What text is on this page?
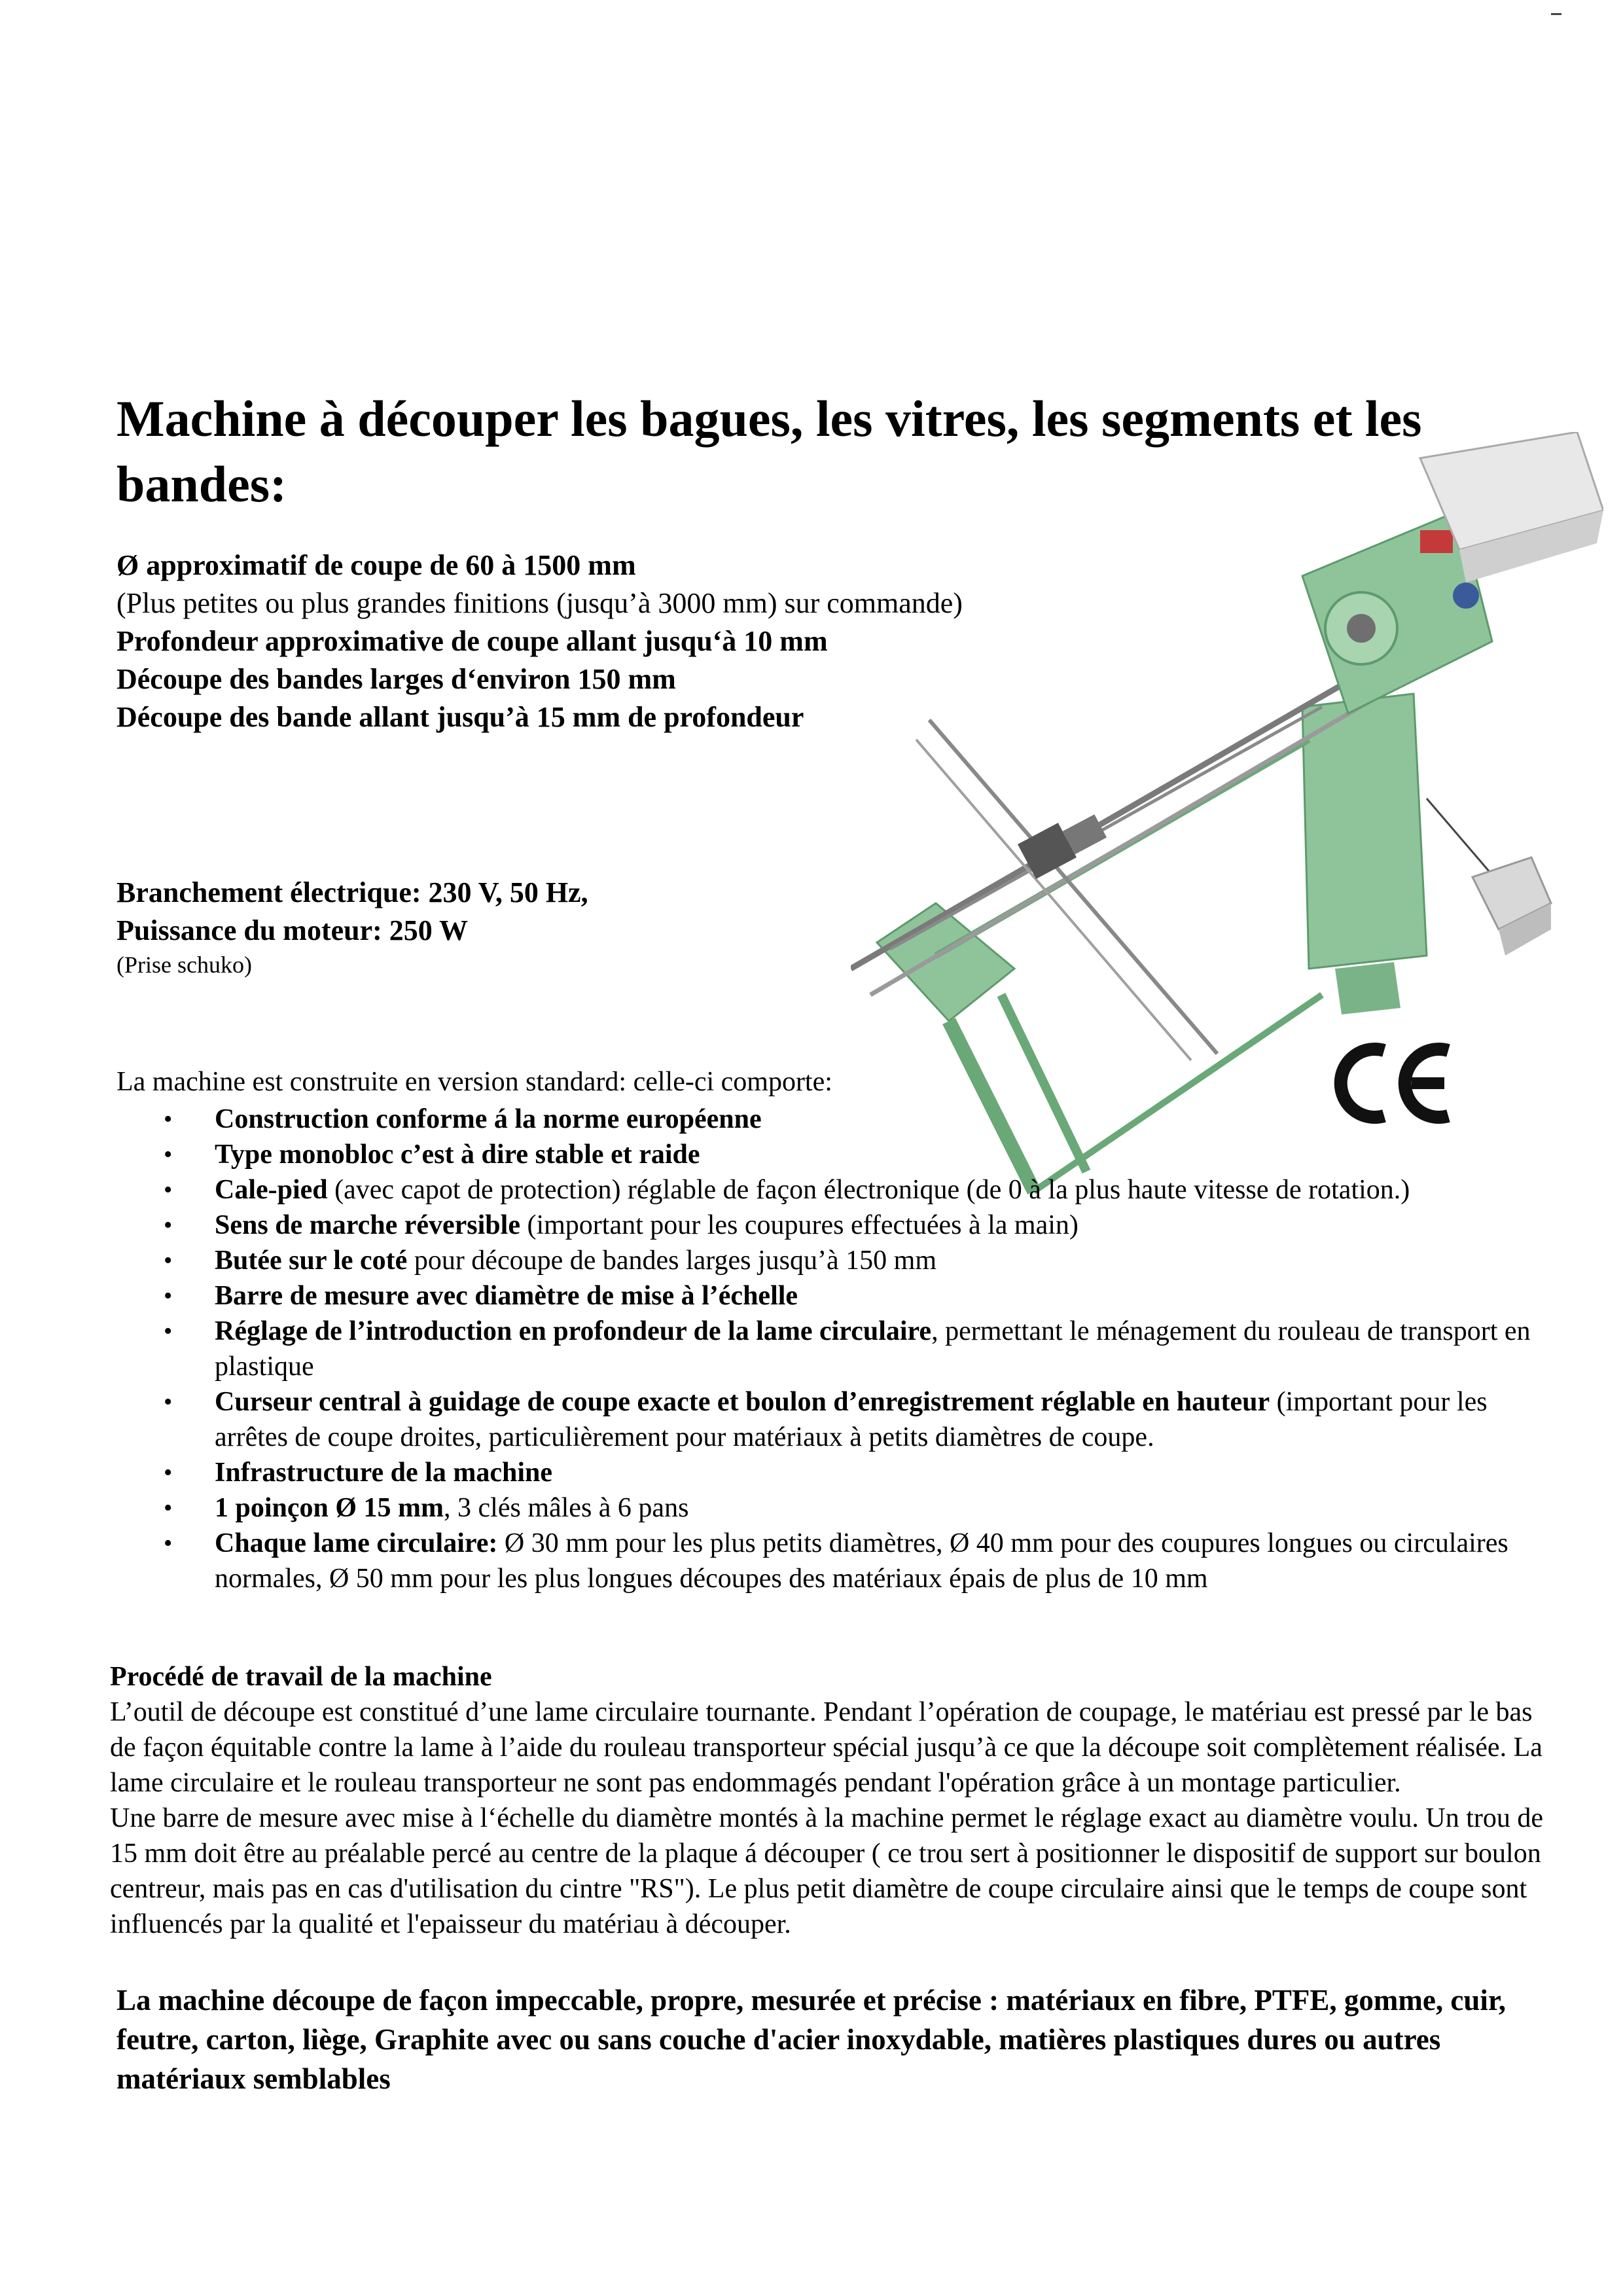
Machine à découper les bagues, les vitres, les segments et les bandes:
Ø approximatif de coupe de 60 à 1500 mm
(Plus petites ou plus grandes finitions (jusqu’à 3000 mm) sur commande)
Profondeur approximative de coupe allant jusqu‘à 10 mm
Découpe des bandes larges d‘environ 150 mm
Découpe des bande allant jusqu’à 15 mm de profondeur
Branchement électrique: 230 V, 50 Hz,
Puissance du moteur: 250 W
(Prise schuko)
La machine est construite en version standard: celle-ci comporte:
• Construction conforme á la norme européenne
• Type monobloc c’est à dire stable et raide
• Cale-pied (avec capot de protection) réglable de façon électronique (de 0 à la plus haute vitesse de rotation.)
• Sens de marche réversible (important pour les coupures effectuées à la main)
• Butée sur le coté pour découpe de bandes larges jusqu’à 150 mm
• Barre de mesure avec diamètre de mise à l’échelle
• Réglage de l’introduction en profondeur de la lame circulaire, permettant le ménagement du rouleau de transport en plastique
• Curseur central à guidage de coupe exacte et boulon d’enregistrement réglable en hauteur (important pour les arrêtes de coupe droites, particulièrement pour matériaux à petits diamètres de coupe.
• Infrastructure de la machine
• 1 poinçon Ø 15 mm, 3 clés mâles à 6 pans
• Chaque lame circulaire: Ø 30 mm pour les plus petits diamètres, Ø 40 mm pour des coupures longues ou circulaires normales, Ø 50 mm pour les plus longues découpes des matériaux épais de plus de 10 mm

Procédé de travail de la machine

L’outil de découpe est constitué d’une lame circulaire tournante. Pendant l’opération de coupage, le matériau est pressé par le bas de façon équitable contre la lame à l’aide du rouleau transporteur spécial jusqu’à ce que la découpe soit complètement réalisée. La lame circulaire et le rouleau transporteur ne sont pas endommagés pendant l'opération grâce à un montage particulier.

Une barre de mesure avec mise à l‘échelle du diamètre montés à la machine permet le réglage exact au diamètre voulu. Un trou de 15 mm doit être au préalable percé au centre de la plaque á découper ( ce trou sert à positionner le dispositif de support sur boulon centreur, mais pas en cas d'utilisation du cintre "RS"). Le plus petit diamètre de coupe circulaire ainsi que le temps de coupe sont influencés par la qualité et l'epaisseur du matériau à découper.

La machine découpe de façon impeccable, propre, mesurée et précise : matériaux en fibre, PTFE, gomme, cuir, feutre, carton, liège, Graphite avec ou sans couche d'acier inoxydable, matières plastiques dures ou autres matériaux semblables
